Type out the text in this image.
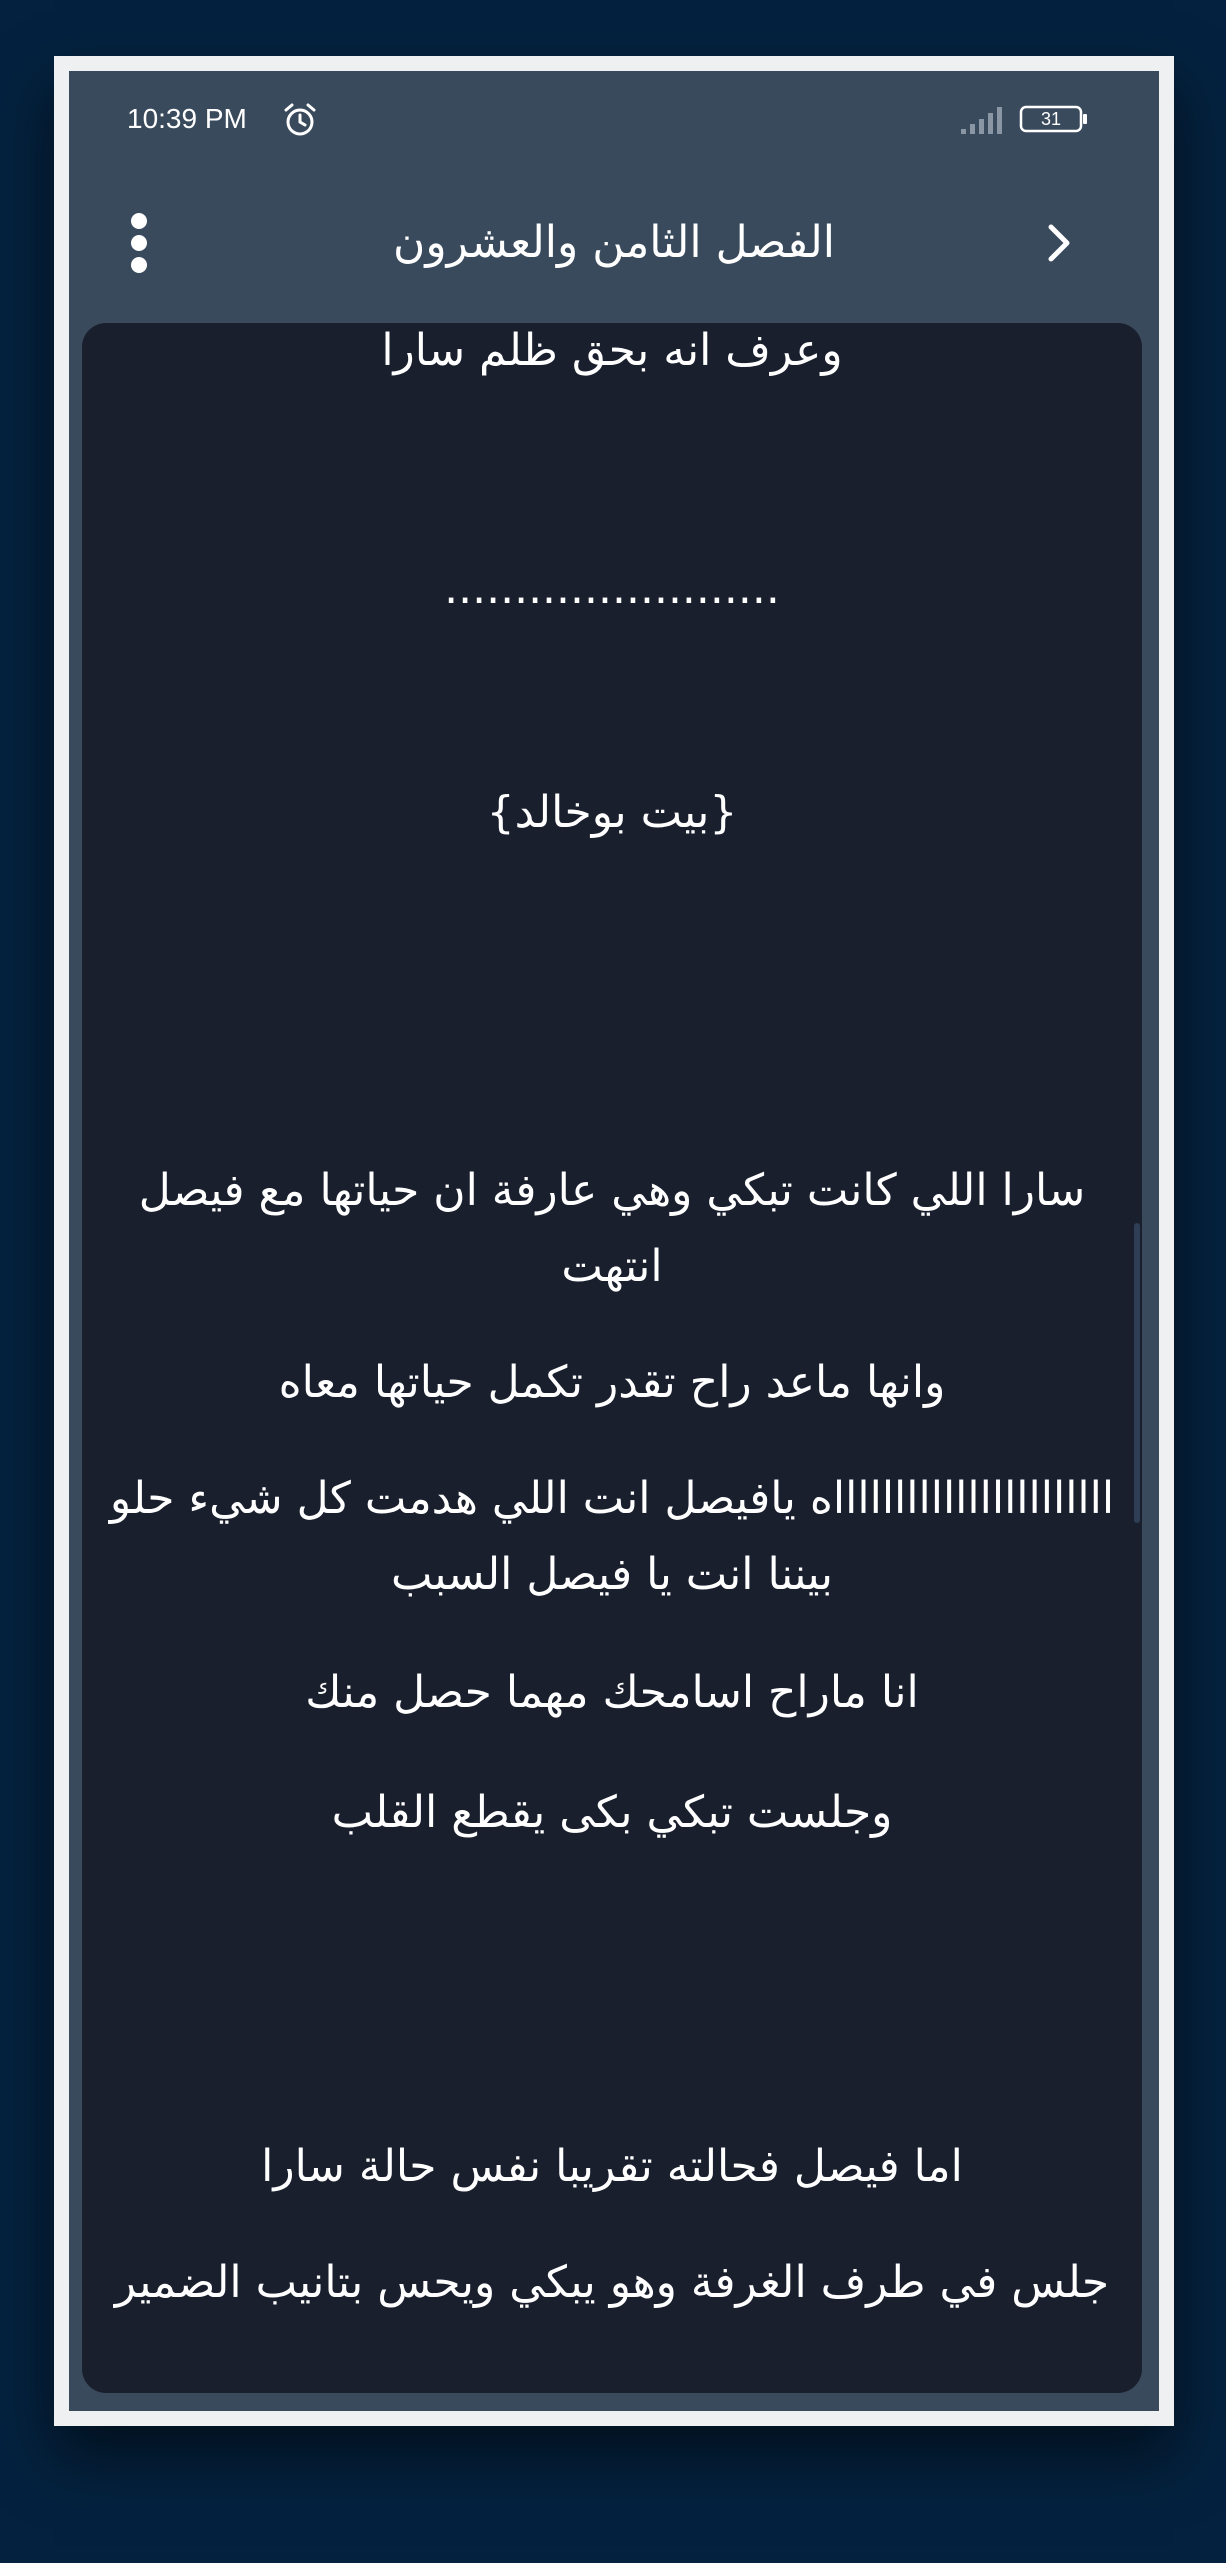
10:39 PM	31
الفصل الثامن والعشرون

وعرف انه بحق ظلم سارا

........................

{بيت بوخالد}

سارا اللي كانت تبكي وهي عارفة ان حياتها مع فيصل انتهت

وانها ماعد راح تقدر تكمل حياتها معاه

اااااااااااااااااااااااه يافيصل انت اللي هدمت كل شيء حلو بيننا انت يا فيصل السبب

انا ماراح اسامحك مهما حصل منك

وجلست تبكي بكى يقطع القلب

اما فيصل فحالته تقريبا نفس حالة سارا

جلس في طرف الغرفة وهو يبكي ويحس بتانيب الضمير
